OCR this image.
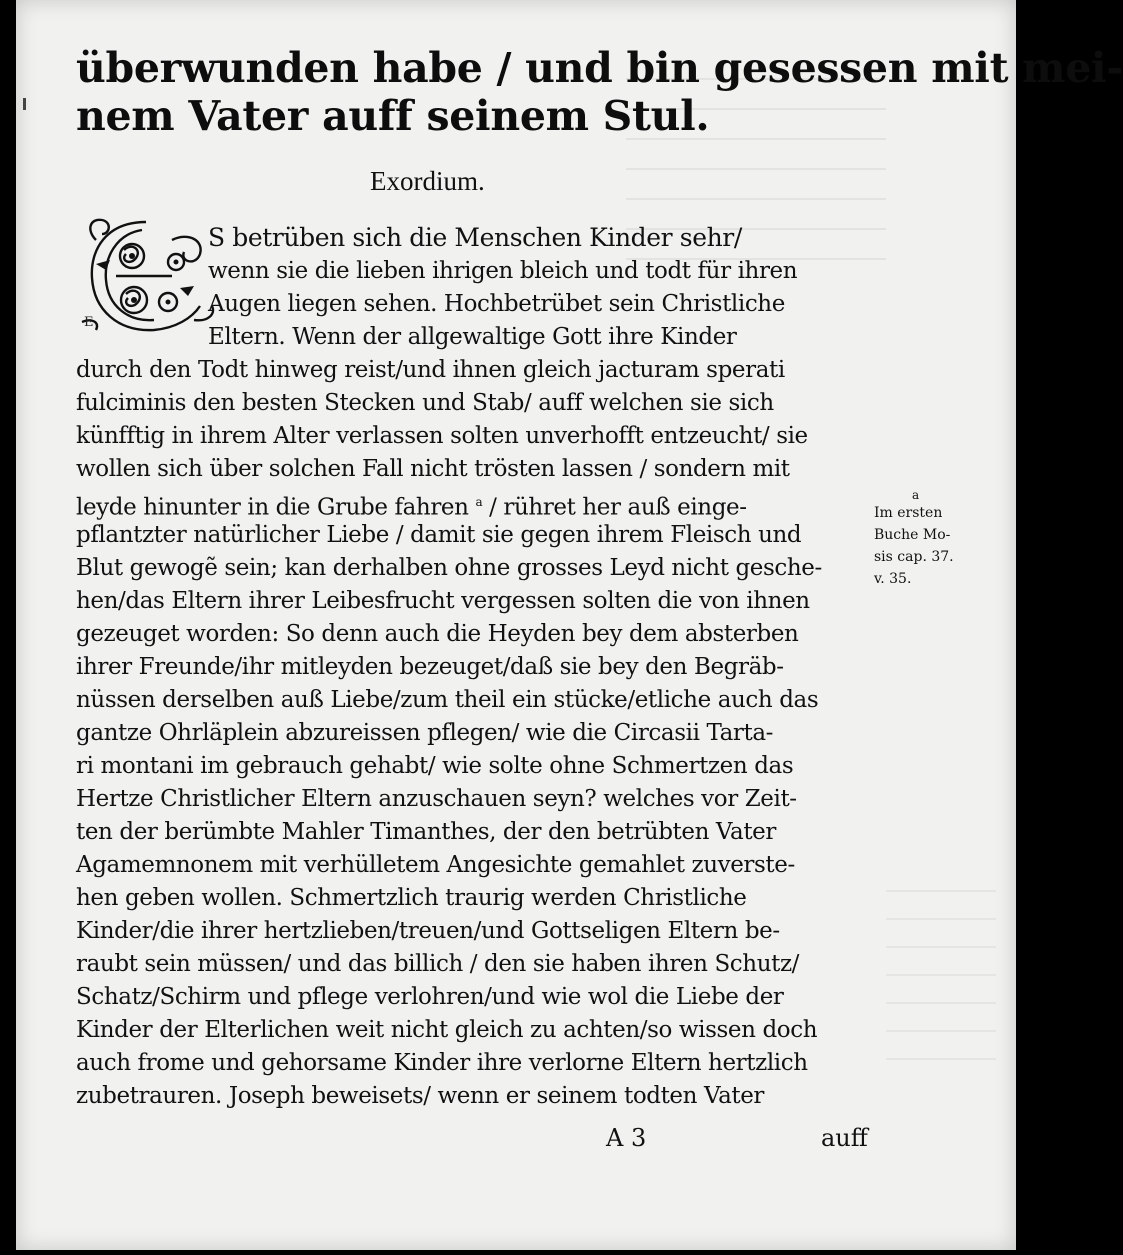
überwunden habe / und bin gesessen mit mei-
nem Vater auff seinem Stul.
Exordium.
E
S betrüben sich die Menschen Kinder sehr/
wenn sie die lieben ihrigen bleich und todt für ihren
Augen liegen sehen. Hochbetrübet sein Christliche
Eltern. Wenn der allgewaltige Gott ihre Kinder
durch den Todt hinweg reist/und ihnen gleich jacturam sperati
fulciminis den besten Stecken und Stab/ auff welchen sie sich
künfftig in ihrem Alter verlassen solten unverhofft entzeucht/ sie
wollen sich über solchen Fall nicht trösten lassen / sondern mit
leyde hinunter in die Grube fahren $^a$ / rühret her auß einge-
pflantzter natürlicher Liebe / damit sie gegen ihrem Fleisch und
Blut gewogẽ sein; kan derhalben ohne grosses Leyd nicht gesche-
hen/das Eltern ihrer Leibesfrucht vergessen solten die von ihnen
gezeuget worden: So denn auch die Heyden bey dem absterben
ihrer Freunde/ihr mitleyden bezeuget/daß sie bey den Begräb-
nüssen derselben auß Liebe/zum theil ein stücke/etliche auch das
gantze Ohrläplein abzureissen pflegen/ wie die Circasii Tarta-
ri montani im gebrauch gehabt/ wie solte ohne Schmertzen das
Hertze Christlicher Eltern anzuschauen seyn? welches vor Zeit-
ten der berümbte Mahler Timanthes, der den betrübten Vater
Agamemnonem mit verhülletem Angesichte gemahlet zuverste-
hen geben wollen. Schmertzlich traurig werden Christliche
Kinder/die ihrer hertzlieben/treuen/und Gottseligen Eltern be-
raubt sein müssen/ und das billich / den sie haben ihren Schutz/
Schatz/Schirm und pflege verlohren/und wie wol die Liebe der
Kinder der Elterlichen weit nicht gleich zu achten/so wissen doch
auch frome und gehorsame Kinder ihre verlorne Eltern hertzlich
zubetrauren. Joseph beweisets/ wenn er seinem todten Vater
a
Im ersten
Buche Mo-
sis cap. 37.
v. 35.
A 3	auff
